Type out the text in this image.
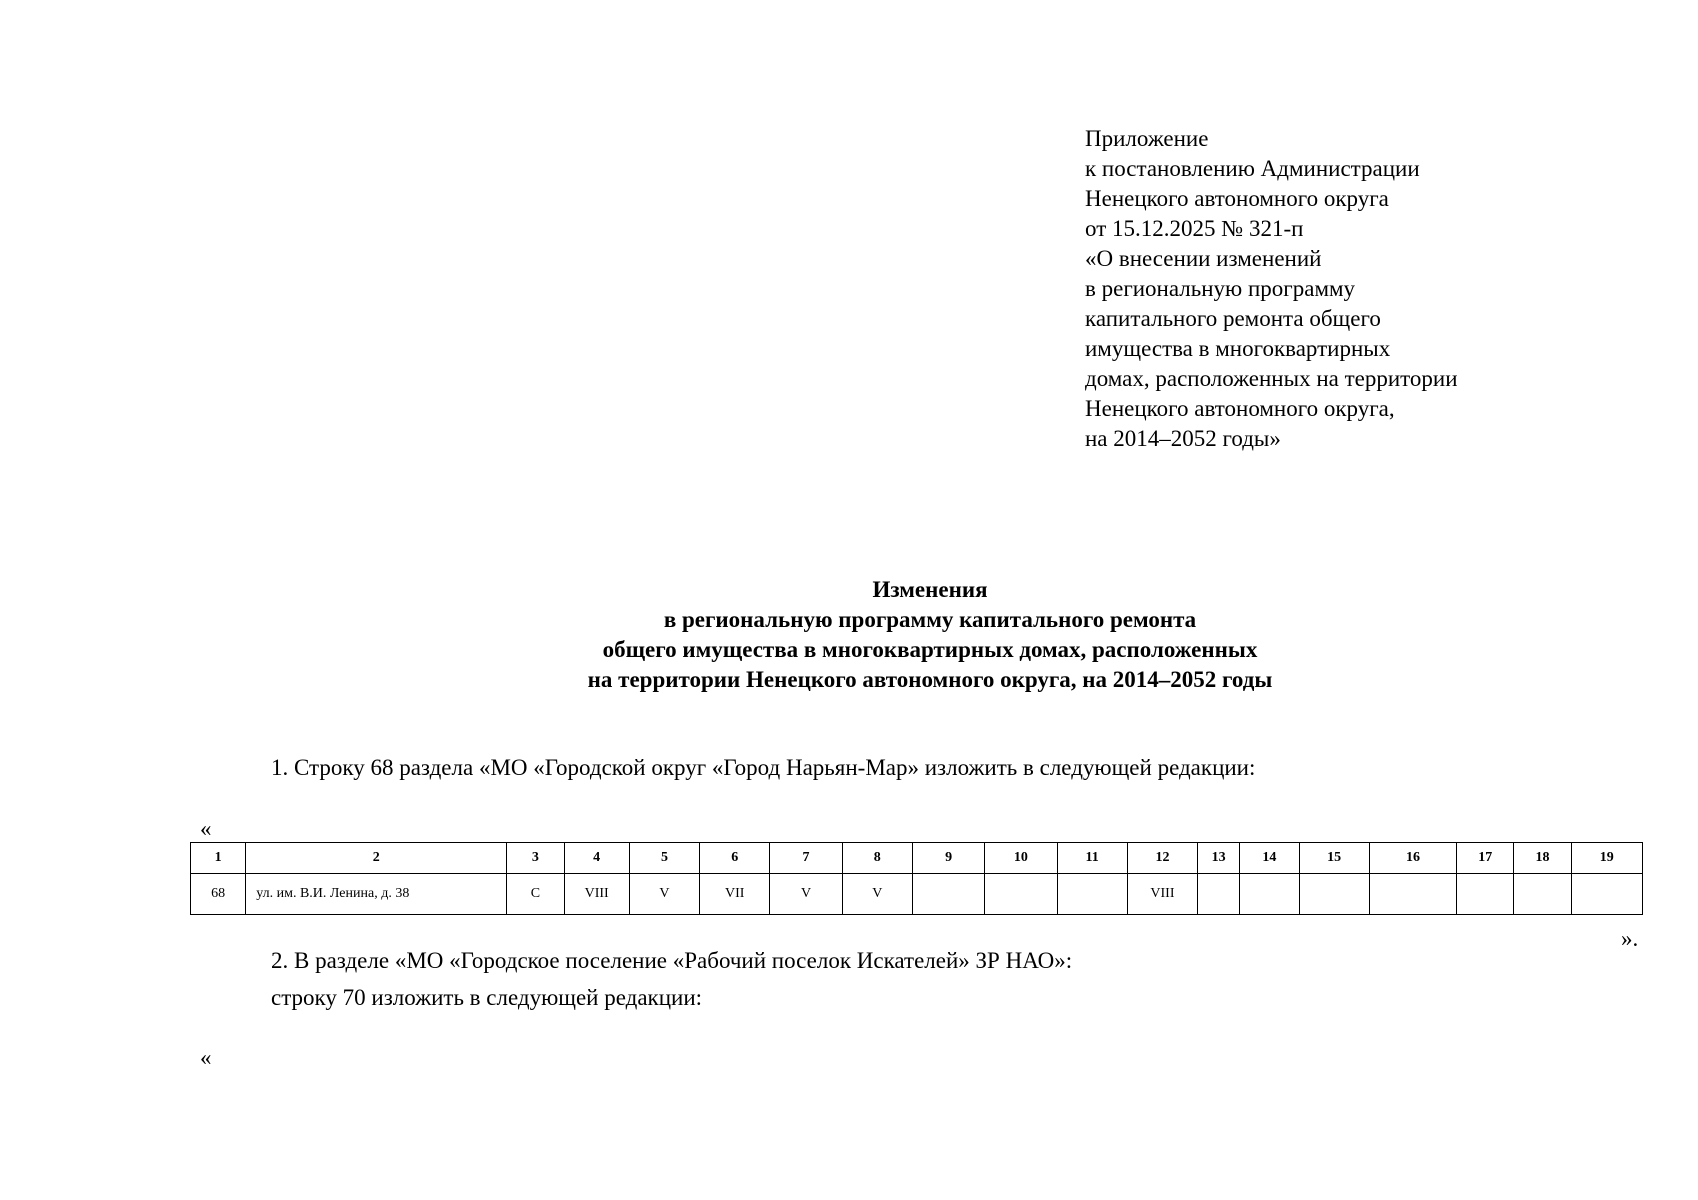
Приложение
к постановлению Администрации
Ненецкого автономного округа
от 15.12.2025 № 321-п
«О внесении изменений
в региональную программу
капитального ремонта общего
имущества в многоквартирных
домах, расположенных на территории
Ненецкого автономного округа,
на 2014–2052 годы»
Изменения
в региональную программу капитального ремонта
общего имущества в многоквартирных домах, расположенных
на территории Ненецкого автономного округа, на 2014–2052 годы
1. Строку 68 раздела «МО «Городской округ «Город Нарьян-Мар» изложить в следующей редакции:
«
1	2	3	4	5	6	7	8	9	10	11	12	13	14	15	16	17	18	19
68	ул. им. В.И. Ленина, д. 38	С	VIII	V	VII	V	V				VIII							
».
2. В разделе «МО «Городское поселение «Рабочий поселок Искателей» ЗР НАО»:
строку 70 изложить в следующей редакции:
«
